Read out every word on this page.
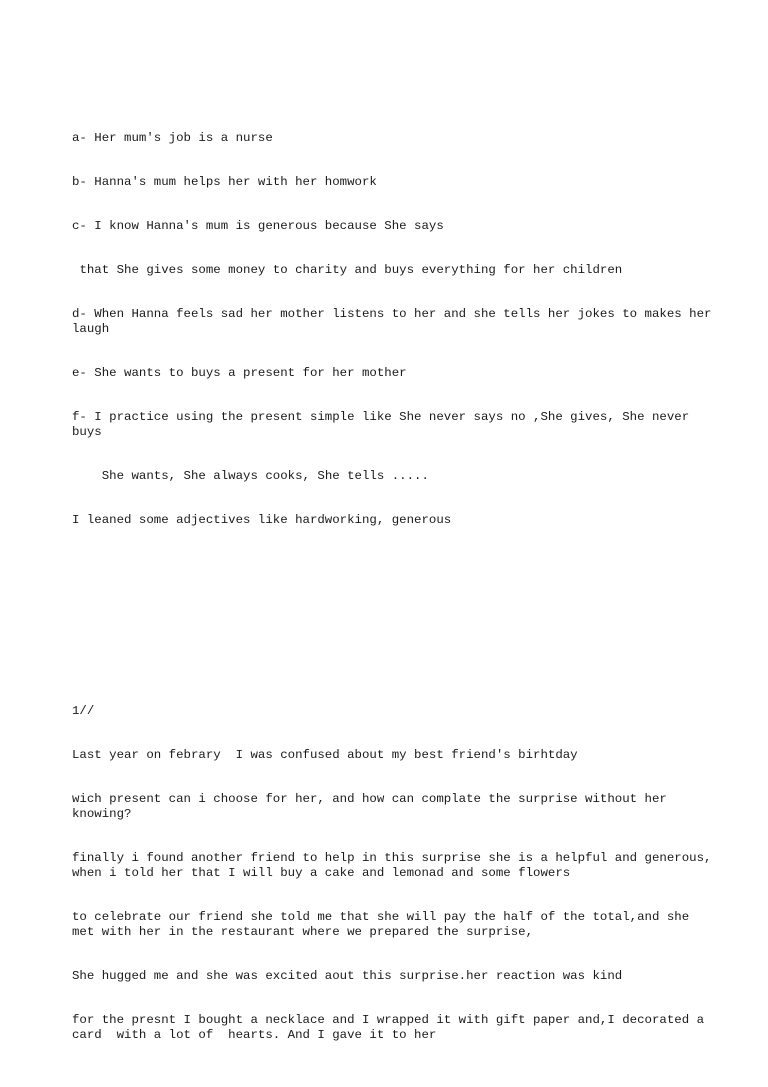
a- Her mum's job is a nurse

b- Hanna's mum helps her with her homwork

c- I know Hanna's mum is generous because She says

that She gives some money to charity and buys everything for her children

d- When Hanna feels sad her mother listens to her and she tells her jokes to makes her laugh

e- She wants to buys a present for her mother

f- I practice using the present simple like She never says no ,She gives, She never buys

She wants, She always cooks, She tells .....

I leaned some adjectives like hardworking, generous

1//

Last year on febrary  I was confused about my best friend's birhtday

wich present can i choose for her, and how can complate the surprise without her knowing?

finally i found another friend to help in this surprise she is a helpful and generous, when i told her that I will buy a cake and lemonad and some flowers

to celebrate our friend she told me that she will pay the half of the total,and she met with her in the restaurant where we prepared the surprise,

She hugged me and she was excited aout this surprise.her reaction was kind

for the presnt I bought a necklace and I wrapped it with gift paper and,I decorated a card  with a lot of  hearts. And I gave it to her
